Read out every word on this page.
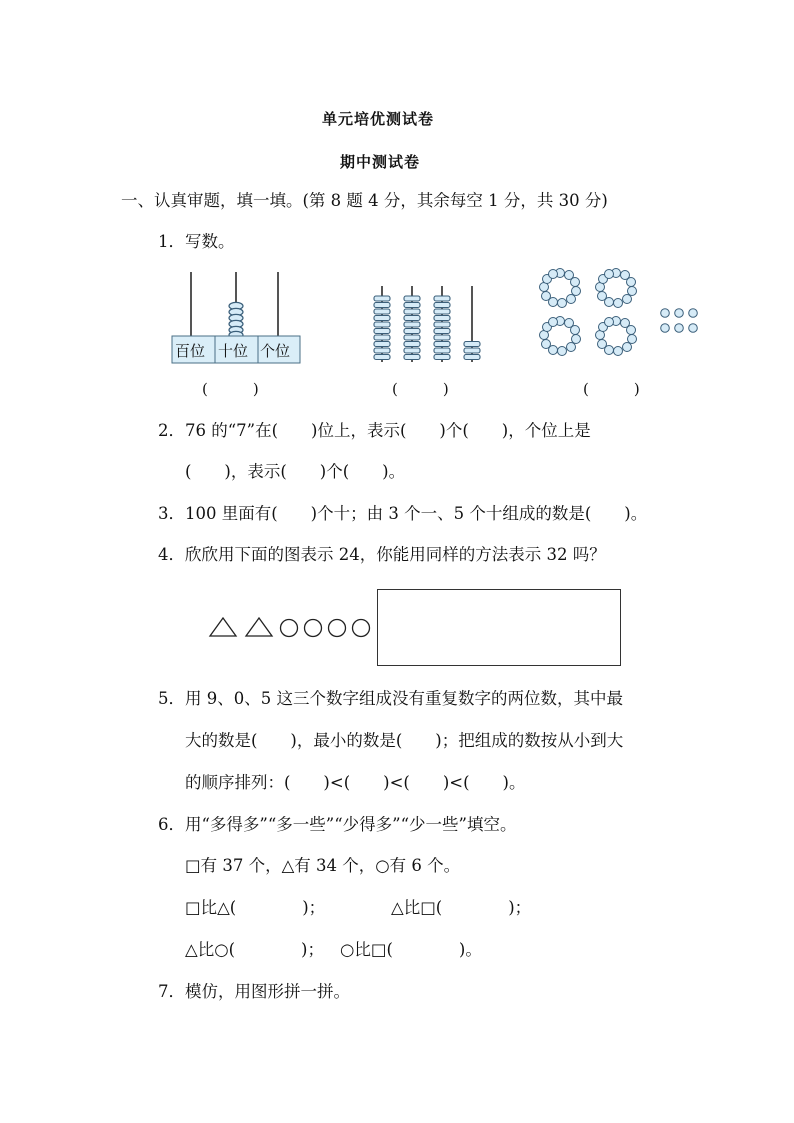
单元培优测试卷
期中测试卷
一、认真审题，填一填。(第 8 题 4 分，其余每空 1 分，共 30 分)
1．写数。
百位 十位 个位
(　　　)	(　　　)	(　　　)
2．76 的“7”在(　　)位上，表示(　　)个(　　)，个位上是
(　　)，表示(　　)个(　　)。
3．100 里面有(　　)个十；由 3 个一、5 个十组成的数是(　　)。
4．欣欣用下面的图表示 24，你能用同样的方法表示 32 吗？
5．用 9、0、5 这三个数字组成没有重复数字的两位数，其中最
大的数是(　　)，最小的数是(　　)；把组成的数按从小到大
的顺序排列：(　　)<(　　)<(　　)<(　　)。
6．用“多得多”“多一些”“少得多”“少一些”填空。
□有 37 个，△有 34 个，○有 6 个。
□比△(　　　　)；	△比□(　　　　)；
△比○(　　　　)； ○比□(　　　　)。
7．模仿，用图形拼一拼。
